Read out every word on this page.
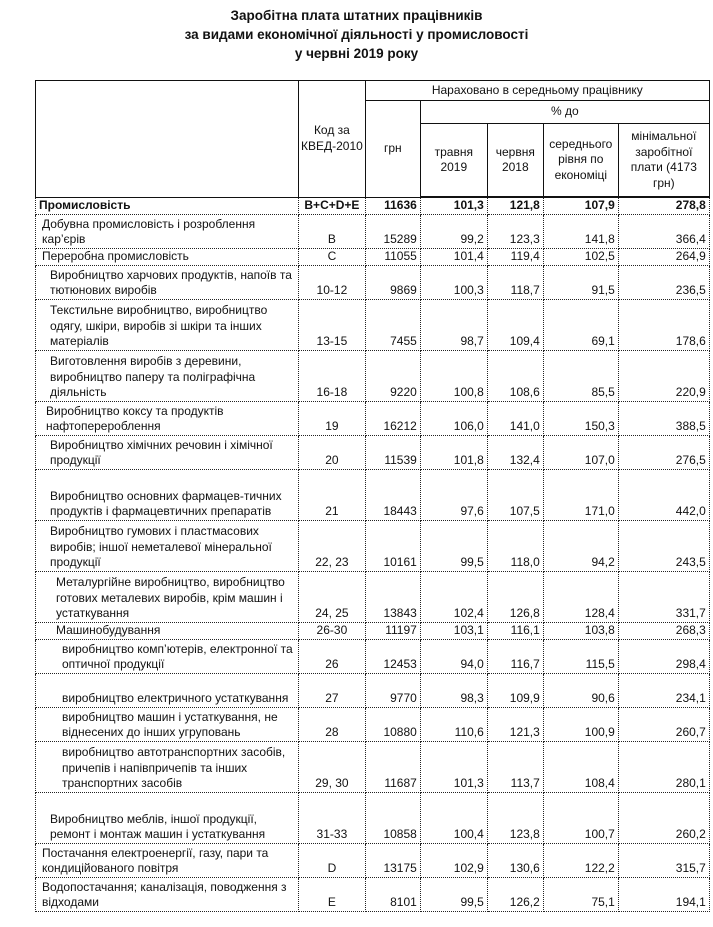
Заробітна плата штатних працівників
за видами економічної діяльності у промисловості
у червні 2019 року
	Код за КВЕД-2010	Нараховано в середньому працівнику				
		грн	% до			
			травня 2019	червня 2018	середнього рівня по економіці	мінімальної заробітної плати (4173 грн)
Промисловість	B+C+D+E	11636	101,3	121,8	107,9	278,8
Добувна промисловість і розроблення кар’єрів	B	15289	99,2	123,3	141,8	366,4
Переробна промисловість	C	11055	101,4	119,4	102,5	264,9
Виробництво харчових продуктів, напоїв та тютюнових виробів	10-12	9869	100,3	118,7	91,5	236,5
Текстильне виробництво, виробництво одягу, шкіри, виробів зі шкіри та інших матеріалів	13-15	7455	98,7	109,4	69,1	178,6
Виготовлення виробів з деревини, виробництво паперу та поліграфічна діяльність	16-18	9220	100,8	108,6	85,5	220,9
Виробництво коксу та продуктів нафтоперероблення	19	16212	106,0	141,0	150,3	388,5
Виробництво хімічних речовин і хімічної продукції	20	11539	101,8	132,4	107,0	276,5
Виробництво основних фармацев-тичних продуктів і фармацевтичних препаратів	21	18443	97,6	107,5	171,0	442,0
Виробництво гумових і пластмасових виробів; іншої неметалевої мінеральної продукції	22, 23	10161	99,5	118,0	94,2	243,5
Металургійне виробництво, виробництво готових металевих виробів, крім машин і устаткування	24, 25	13843	102,4	126,8	128,4	331,7
Машинобудування	26-30	11197	103,1	116,1	103,8	268,3
виробництво комп’ютерів, електронної та оптичної продукції	26	12453	94,0	116,7	115,5	298,4
виробництво електричного устаткування	27	9770	98,3	109,9	90,6	234,1
виробництво машин і устаткування, не віднесених до інших угруповань	28	10880	110,6	121,3	100,9	260,7
виробництво автотранспортних засобів, причепів і напівпричепів та інших транспортних засобів	29, 30	11687	101,3	113,7	108,4	280,1
Виробництво меблів, іншої продукції, ремонт і монтаж машин і устаткування	31-33	10858	100,4	123,8	100,7	260,2
Постачання електроенергії, газу, пари та кондиційованого повітря	D	13175	102,9	130,6	122,2	315,7
Водопостачання; каналізація, поводження з відходами	E	8101	99,5	126,2	75,1	194,1
